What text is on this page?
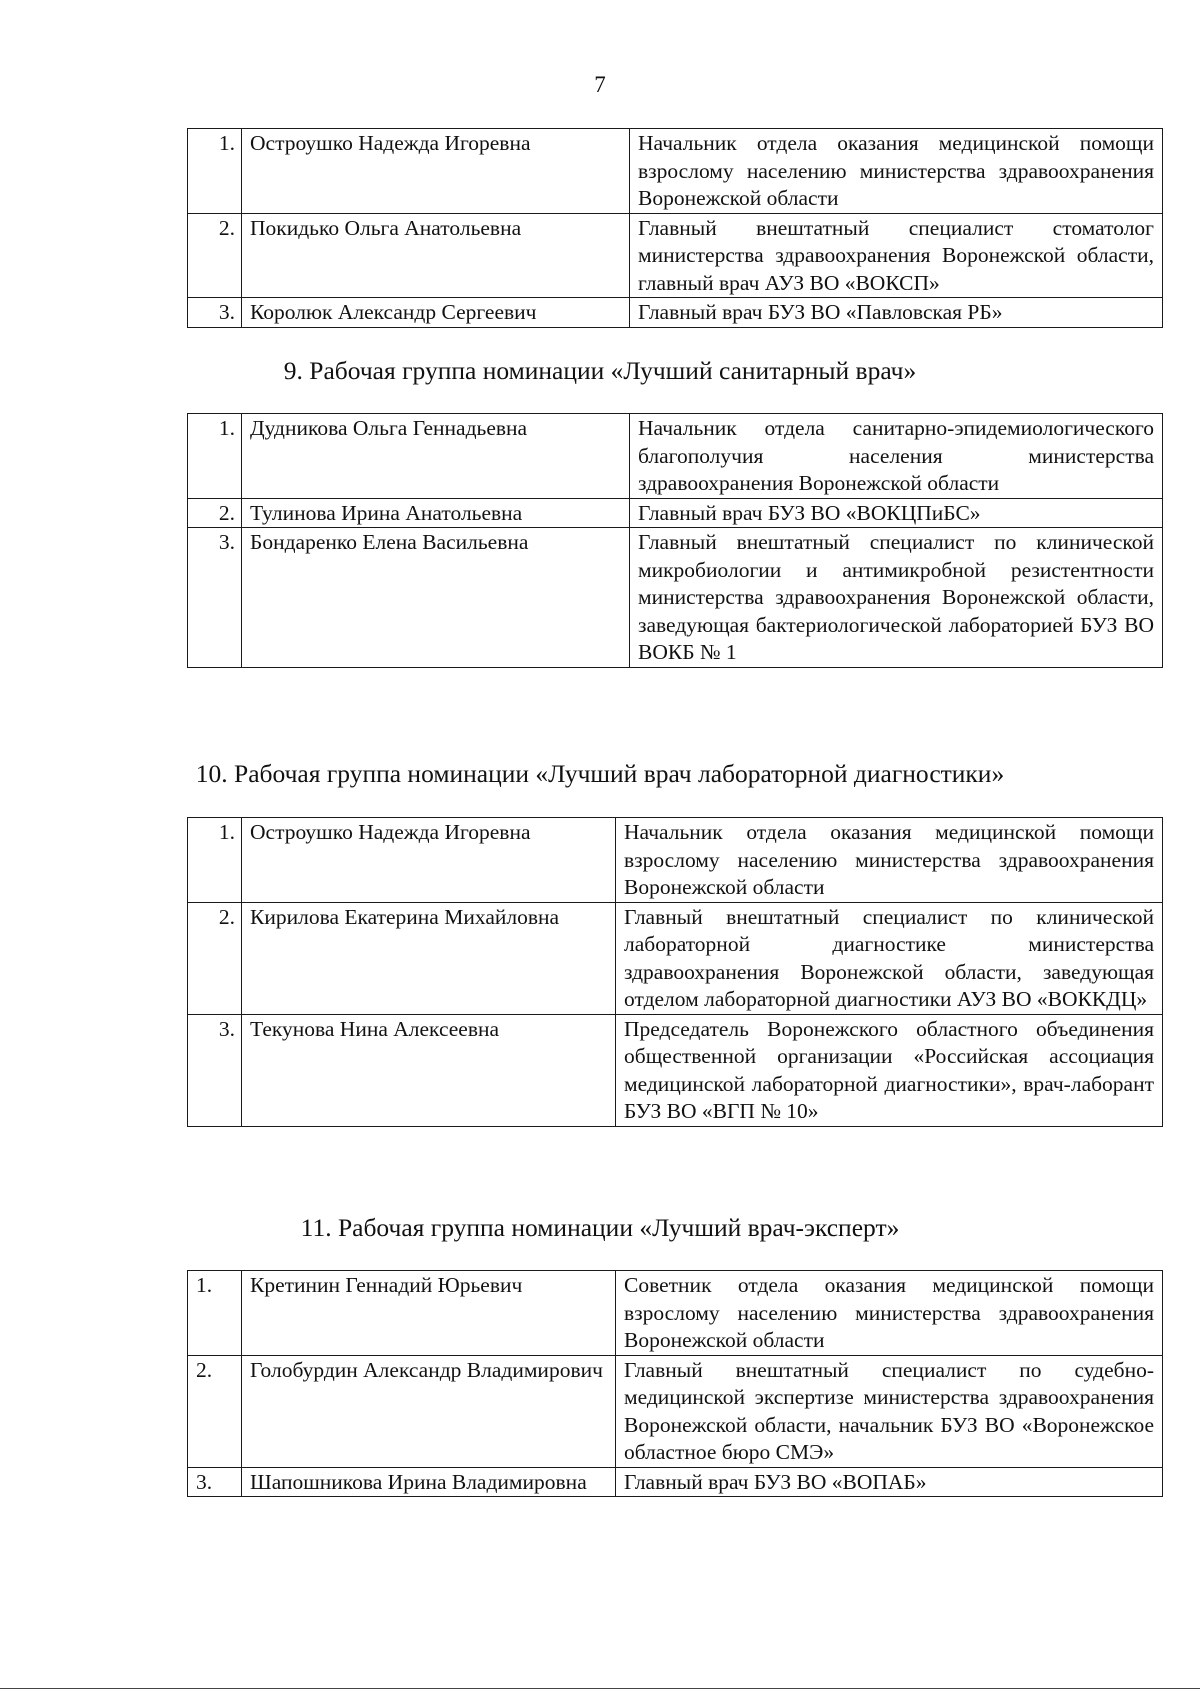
7
1.	Остроушко Надежда Игоревна	Начальник отдела оказания медицинской помощи взрослому населению министерства здравоохранения Воронежской области
2.	Покидько Ольга Анатольевна	Главный внештатный специалист стоматолог министерства здравоохранения Воронежской области, главный врач АУЗ ВО «ВОКСП»
3.	Королюк Александр Сергеевич	Главный врач БУЗ ВО «Павловская РБ»
9. Рабочая группа номинации «Лучший санитарный врач»
1.	Дудникова Ольга Геннадьевна	Начальник отдела санитарно-эпидемиологического благополучия населения министерства здравоохранения Воронежской области
2.	Тулинова Ирина Анатольевна	Главный врач БУЗ ВО «ВОКЦПиБС»
3.	Бондаренко Елена Васильевна	Главный внештатный специалист по клинической микробиологии и антимикробной резистентности министерства здравоохранения Воронежской области, заведующая бактериологической лабораторией БУЗ ВО ВОКБ № 1
10. Рабочая группа номинации «Лучший врач лабораторной диагностики»
1.	Остроушко Надежда Игоревна	Начальник отдела оказания медицинской помощи взрослому населению министерства здравоохранения Воронежской области
2.	Кирилова Екатерина Михайловна	Главный внештатный специалист по клинической лабораторной диагностике министерства здравоохранения Воронежской области, заведующая отделом лабораторной диагностики АУЗ ВО «ВОККДЦ»
3.	Текунова Нина Алексеевна	Председатель Воронежского областного объединения общественной организации «Российская ассоциация медицинской лабораторной диагностики», врач-лаборант БУЗ ВО «ВГП № 10»
11. Рабочая группа номинации «Лучший врач-эксперт»
1.	Кретинин Геннадий Юрьевич	Советник отдела оказания медицинской помощи взрослому населению министерства здравоохранения Воронежской области
2.	Голобурдин Александр Владимирович	Главный внештатный специалист по судебно-медицинской экспертизе министерства здравоохранения Воронежской области, начальник БУЗ ВО «Воронежское областное бюро СМЭ»
3.	Шапошникова Ирина Владимировна	Главный врач БУЗ ВО «ВОПАБ»
